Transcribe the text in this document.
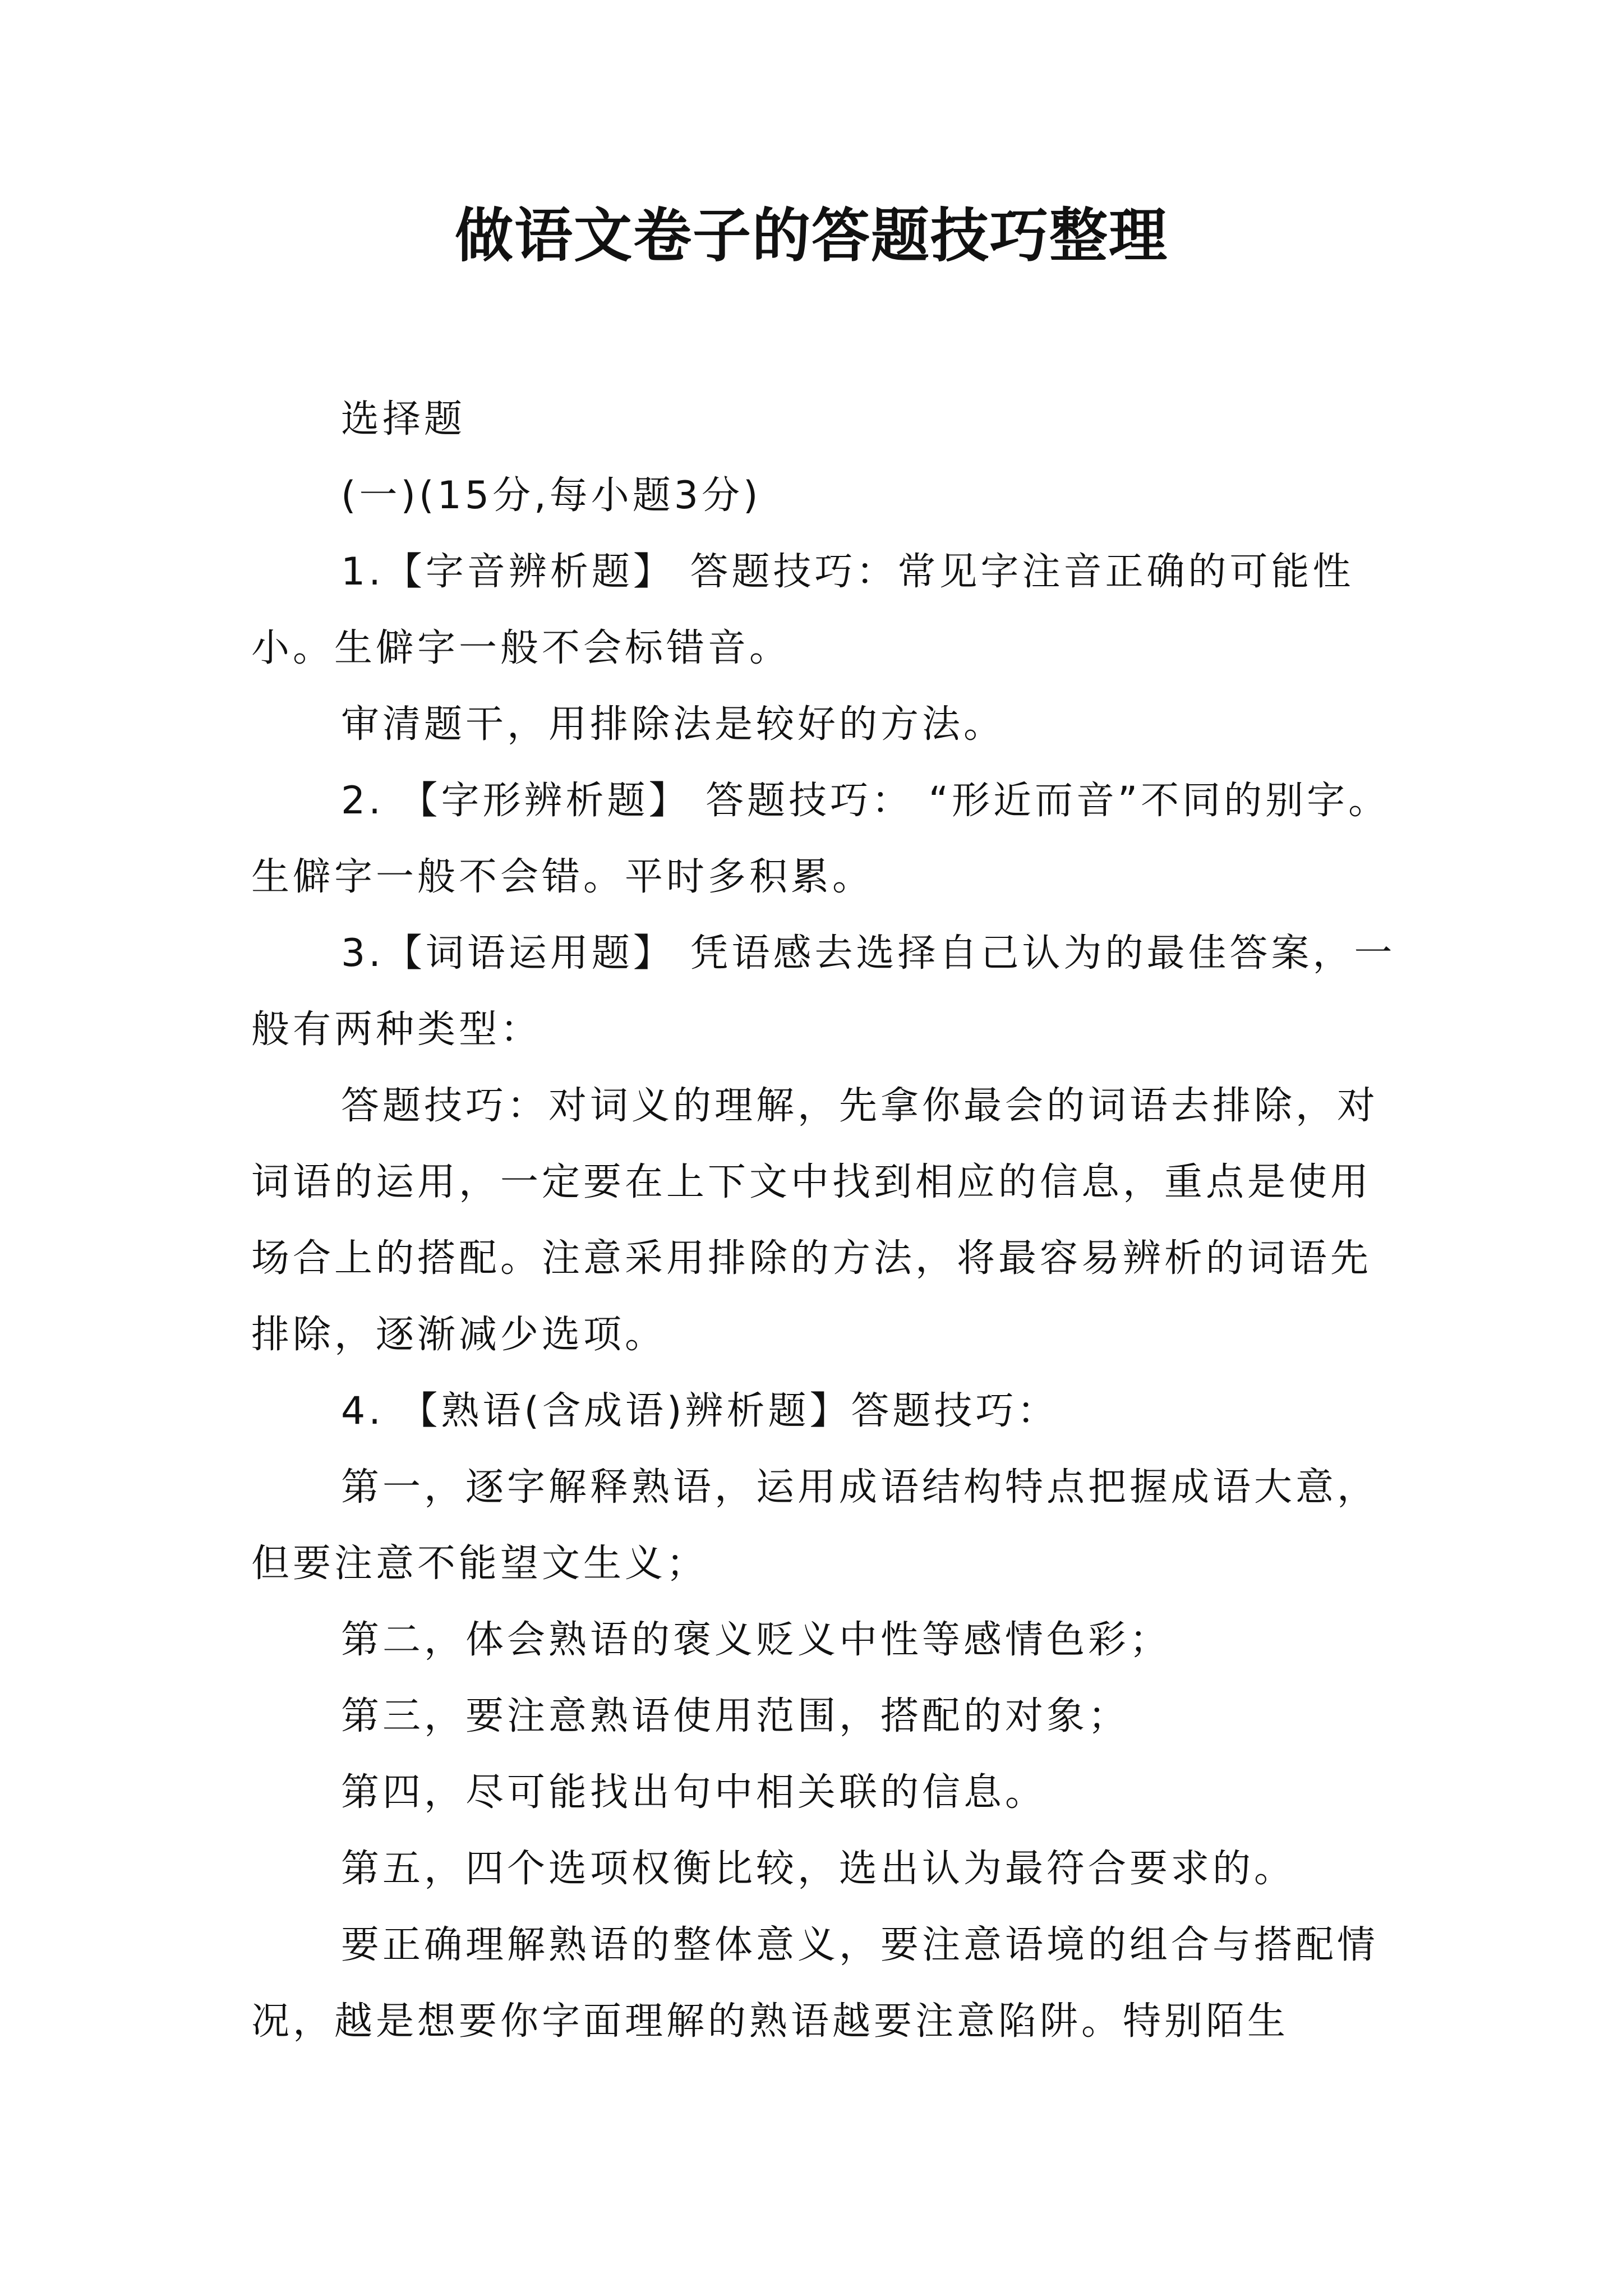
做语文卷子的答题技巧整理

选择题

(一)(15分,每小题3分)

1.【字音辨析题】 答题技巧：常见字注音正确的可能性小。生僻字一般不会标错音。

审清题干，用排除法是较好的方法。

2. 【字形辨析题】 答题技巧： “形近而音”不同的别字。生僻字一般不会错。平时多积累。

3.【词语运用题】 凭语感去选择自己认为的最佳答案，一般有两种类型：

答题技巧：对词义的理解，先拿你最会的词语去排除，对词语的运用，一定要在上下文中找到相应的信息，重点是使用场合上的搭配。注意采用排除的方法，将最容易辨析的词语先排除，逐渐减少选项。

4. 【熟语(含成语)辨析题】答题技巧：

第一，逐字解释熟语，运用成语结构特点把握成语大意，但要注意不能望文生义；

第二，体会熟语的褒义贬义中性等感情色彩；

第三，要注意熟语使用范围，搭配的对象；

第四，尽可能找出句中相关联的信息。

第五，四个选项权衡比较，选出认为最符合要求的。

要正确理解熟语的整体意义，要注意语境的组合与搭配情况，越是想要你字面理解的熟语越要注意陷阱。特别陌生
